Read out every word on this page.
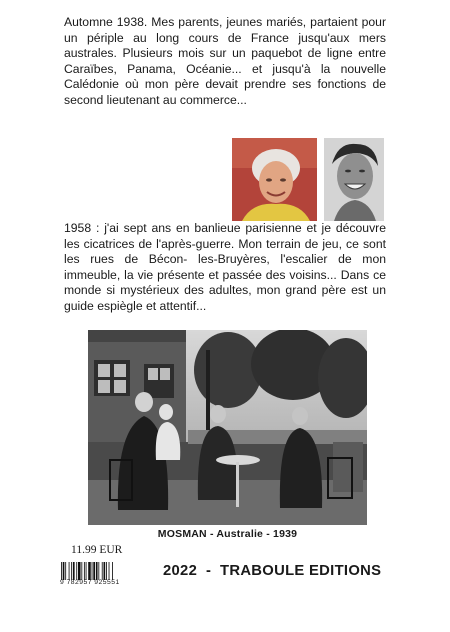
Automne 1938. Mes parents, jeunes mariés, partaient pour un périple au long cours de France jusqu'aux mers australes. Plusieurs mois sur un paquebot de ligne entre Caraïbes, Panama, Océanie... et jusqu'à la nouvelle Calédonie où mon père devait prendre ses fonctions de second lieutenant au commerce...

1958 : j'ai sept ans en banlieue parisienne et je découvre les cicatrices de l'après-guerre. Mon terrain de jeu, ce sont les rues de Bécon- les-Bruyères, l'escalier de mon immeuble, la vie présente et passée des voisins... Dans ce monde si mystérieux des adultes, mon grand père est un guide espiègle et attentif...

MOSMAN - Australie - 1939
11.99 EUR
9 782957 925551
2022  -  TRABOULE EDITIONS
